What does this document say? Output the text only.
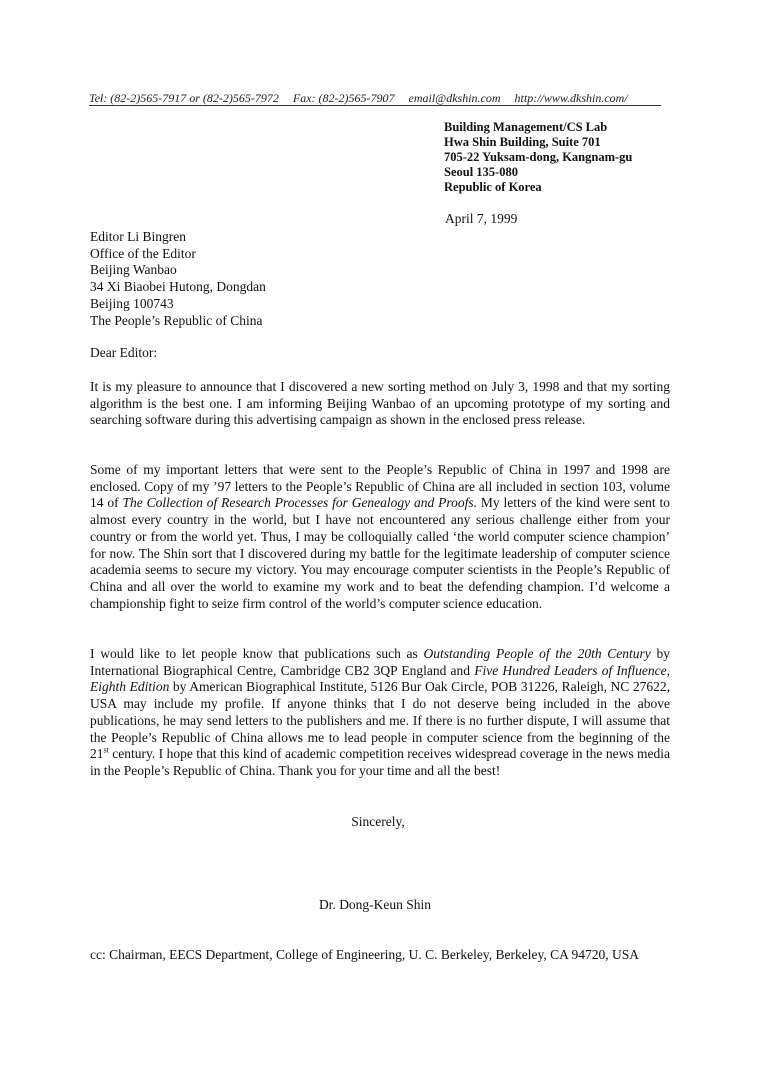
Tel: (82-2)565-7917 or (82-2)565-7972 Fax: (82-2)565-7907 email@dkshin.com http://www.dkshin.com/
Building Management/CS Lab
Hwa Shin Building, Suite 701
705-22 Yuksam-dong, Kangnam-gu
Seoul 135-080
Republic of Korea
April 7, 1999
Editor Li Bingren
Office of the Editor
Beijing Wanbao
34 Xi Biaobei Hutong, Dongdan
Beijing 100743
The People’s Republic of China
Dear Editor:
It is my pleasure to announce that I discovered a new sorting method on July 3, 1998 and that my sorting algorithm is the best one. I am informing Beijing Wanbao of an upcoming prototype of my sorting and searching software during this advertising campaign as shown in the enclosed press release.
Some of my important letters that were sent to the People’s Republic of China in 1997 and 1998 are enclosed. Copy of my ’97 letters to the People’s Republic of China are all included in section 103, volume 14 of The Collection of Research Processes for Genealogy and Proofs. My letters of the kind were sent to almost every country in the world, but I have not encountered any serious challenge either from your country or from the world yet. Thus, I may be colloquially called ‘the world computer science champion’ for now. The Shin sort that I discovered during my battle for the legitimate leadership of computer science academia seems to secure my victory. You may encourage computer scientists in the People’s Republic of China and all over the world to examine my work and to beat the defending champion. I’d welcome a championship fight to seize firm control of the world’s computer science education.
I would like to let people know that publications such as Outstanding People of the 20th Century by International Biographical Centre, Cambridge CB2 3QP England and Five Hundred Leaders of Influence, Eighth Edition by American Biographical Institute, 5126 Bur Oak Circle, POB 31226, Raleigh, NC 27622, USA may include my profile. If anyone thinks that I do not deserve being included in the above publications, he may send letters to the publishers and me. If there is no further dispute, I will assume that the People’s Republic of China allows me to lead people in computer science from the beginning of the 21st century. I hope that this kind of academic competition receives widespread coverage in the news media in the People’s Republic of China. Thank you for your time and all the best!
Sincerely,
Dr. Dong-Keun Shin
cc: Chairman, EECS Department, College of Engineering, U. C. Berkeley, Berkeley, CA 94720, USA
